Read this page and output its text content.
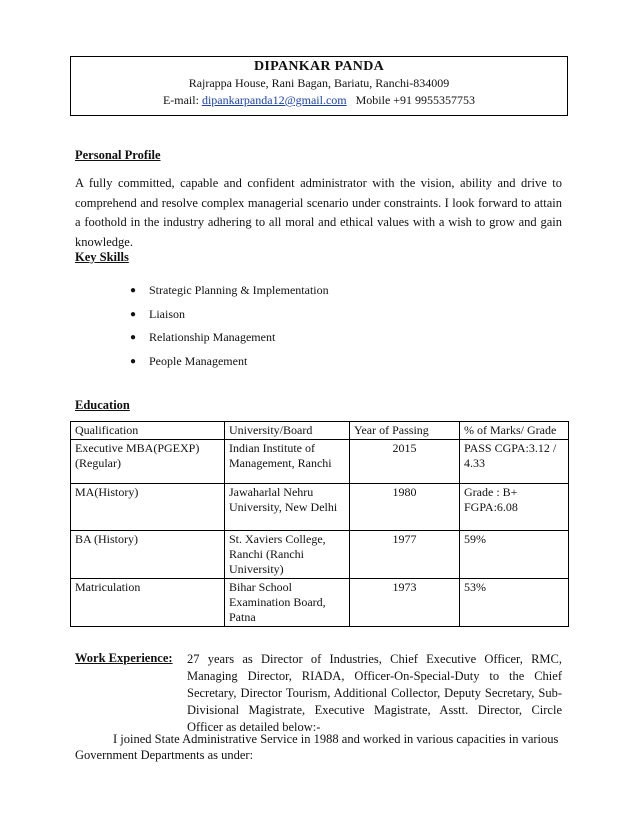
DIPANKAR PANDA
Rajrappa House, Rani Bagan, Bariatu, Ranchi-834009
E-mail: dipankarpanda12@gmail.com Mobile +91 9955357753
Personal Profile
A fully committed, capable and confident administrator with the vision, ability and drive to comprehend and resolve complex managerial scenario under constraints. I look forward to attain a foothold in the industry adhering to all moral and ethical values with a wish to grow and gain knowledge.
Key Skills
●	Strategic Planning & Implementation
●	Liaison
●	Relationship Management
●	People Management
Education
Qualification	University/Board	Year of Passing	% of Marks/ Grade
Executive MBA(PGEXP) (Regular)	Indian Institute of Management, Ranchi	2015	PASS CGPA:3.12 / 4.33
MA(History)	Jawaharlal Nehru University, New Delhi	1980	Grade : B+ FGPA:6.08
BA (History)	St. Xaviers College, Ranchi (Ranchi University)	1977	59%
Matriculation	Bihar School Examination Board, Patna	1973	53%
Work Experience: 27 years as Director of Industries, Chief Executive Officer, RMC, Managing Director, RIADA, Officer-On-Special-Duty to the Chief Secretary, Director Tourism, Additional Collector, Deputy Secretary, Sub-Divisional Magistrate, Executive Magistrate, Asstt. Director, Circle Officer as detailed below:-
I joined State Administrative Service in 1988 and worked in various capacities in various Government Departments as under:
